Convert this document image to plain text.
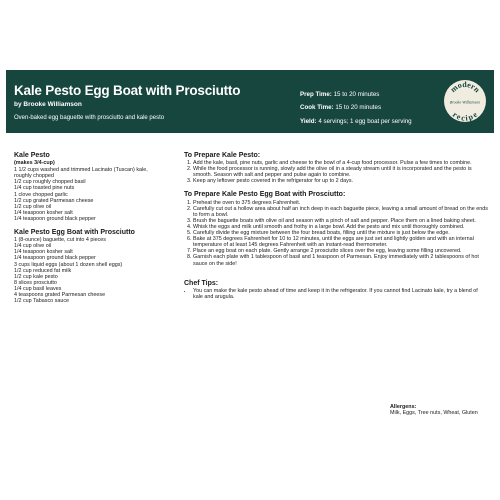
Kale Pesto Egg Boat with Prosciutto
by Brooke Williamson
Oven-baked egg baguette with prosciutto and kale pesto
Prep Time: 15 to 20 minutes
Cook Time: 15 to 20 minutes
Yield: 4 servings; 1 egg boat per serving
modern
Brooke Williamson
recipe
Kale Pesto
(makes 3/4-cup)
1 1/2 cups washed and trimmed Lacinato (Tuscan) kale,
roughly chopped
1/2 cup roughly chopped basil
1/4 cup toasted pine nuts
1 clove chopped garlic
1/2 cup grated Parmesan cheese
1/2 cup olive oil
1/4 teaspoon kosher salt
1/4 teaspoon ground black pepper
Kale Pesto Egg Boat with Prosciutto
1 (8-ounce) baguette, cut into 4 pieces
1/4 cup olive oil
1/4 teaspoon kosher salt
1/4 teaspoon ground black pepper
3 cups liquid eggs (about 1 dozen shell eggs)
1/2 cup reduced fat milk
1/2 cup kale pesto
8 slices prosciutto
1/4 cup basil leaves
4 teaspoons grated Parmesan cheese
1/2 cup Tabasco sauce
To Prepare Kale Pesto:
1. Add the kale, basil, pine nuts, garlic and cheese to the bowl of a 4-cup food processor. Pulse a few times to combine.
2. While the food processor is running, slowly add the olive oil in a steady stream until it is incorporated and the pesto is smooth. Season with salt and pepper and pulse again to combine.
3. Keep any leftover pesto covered in the refrigerator for up to 2 days.
To Prepare Kale Pesto Egg Boat with Prosciutto:
1. Preheat the oven to 375 degrees Fahrenheit.
2. Carefully cut out a hollow area about half an inch deep in each baguette piece, leaving a small amount of bread on the ends to form a bowl.
3. Brush the baguette boats with olive oil and season with a pinch of salt and pepper. Place them on a lined baking sheet.
4. Whisk the eggs and milk until smooth and frothy in a large bowl. Add the pesto and mix until thoroughly combined.
5. Carefully divide the egg mixture between the four bread boats, filling until the mixture is just below the edge.
6. Bake at 375 degrees Fahrenheit for 10 to 12 minutes, until the eggs are just set and lightly golden and with an internal temperature of at least 145 degrees Fahrenheit with an instant-read thermometer.
7. Place an egg boat on each plate. Gently arrange 2 prosciutto slices over the egg, leaving some filling uncovered.
8. Garnish each plate with 1 tablespoon of basil and 1 teaspoon of Parmesan. Enjoy immediately with 2 tablespoons of hot sauce on the side!
Chef Tips:
• You can make the kale pesto ahead of time and keep it in the refrigerator. If you cannot find Lacinato kale, try a blend of kale and arugula.
Allergens:
Milk, Eggs, Tree nuts, Wheat, Gluten
